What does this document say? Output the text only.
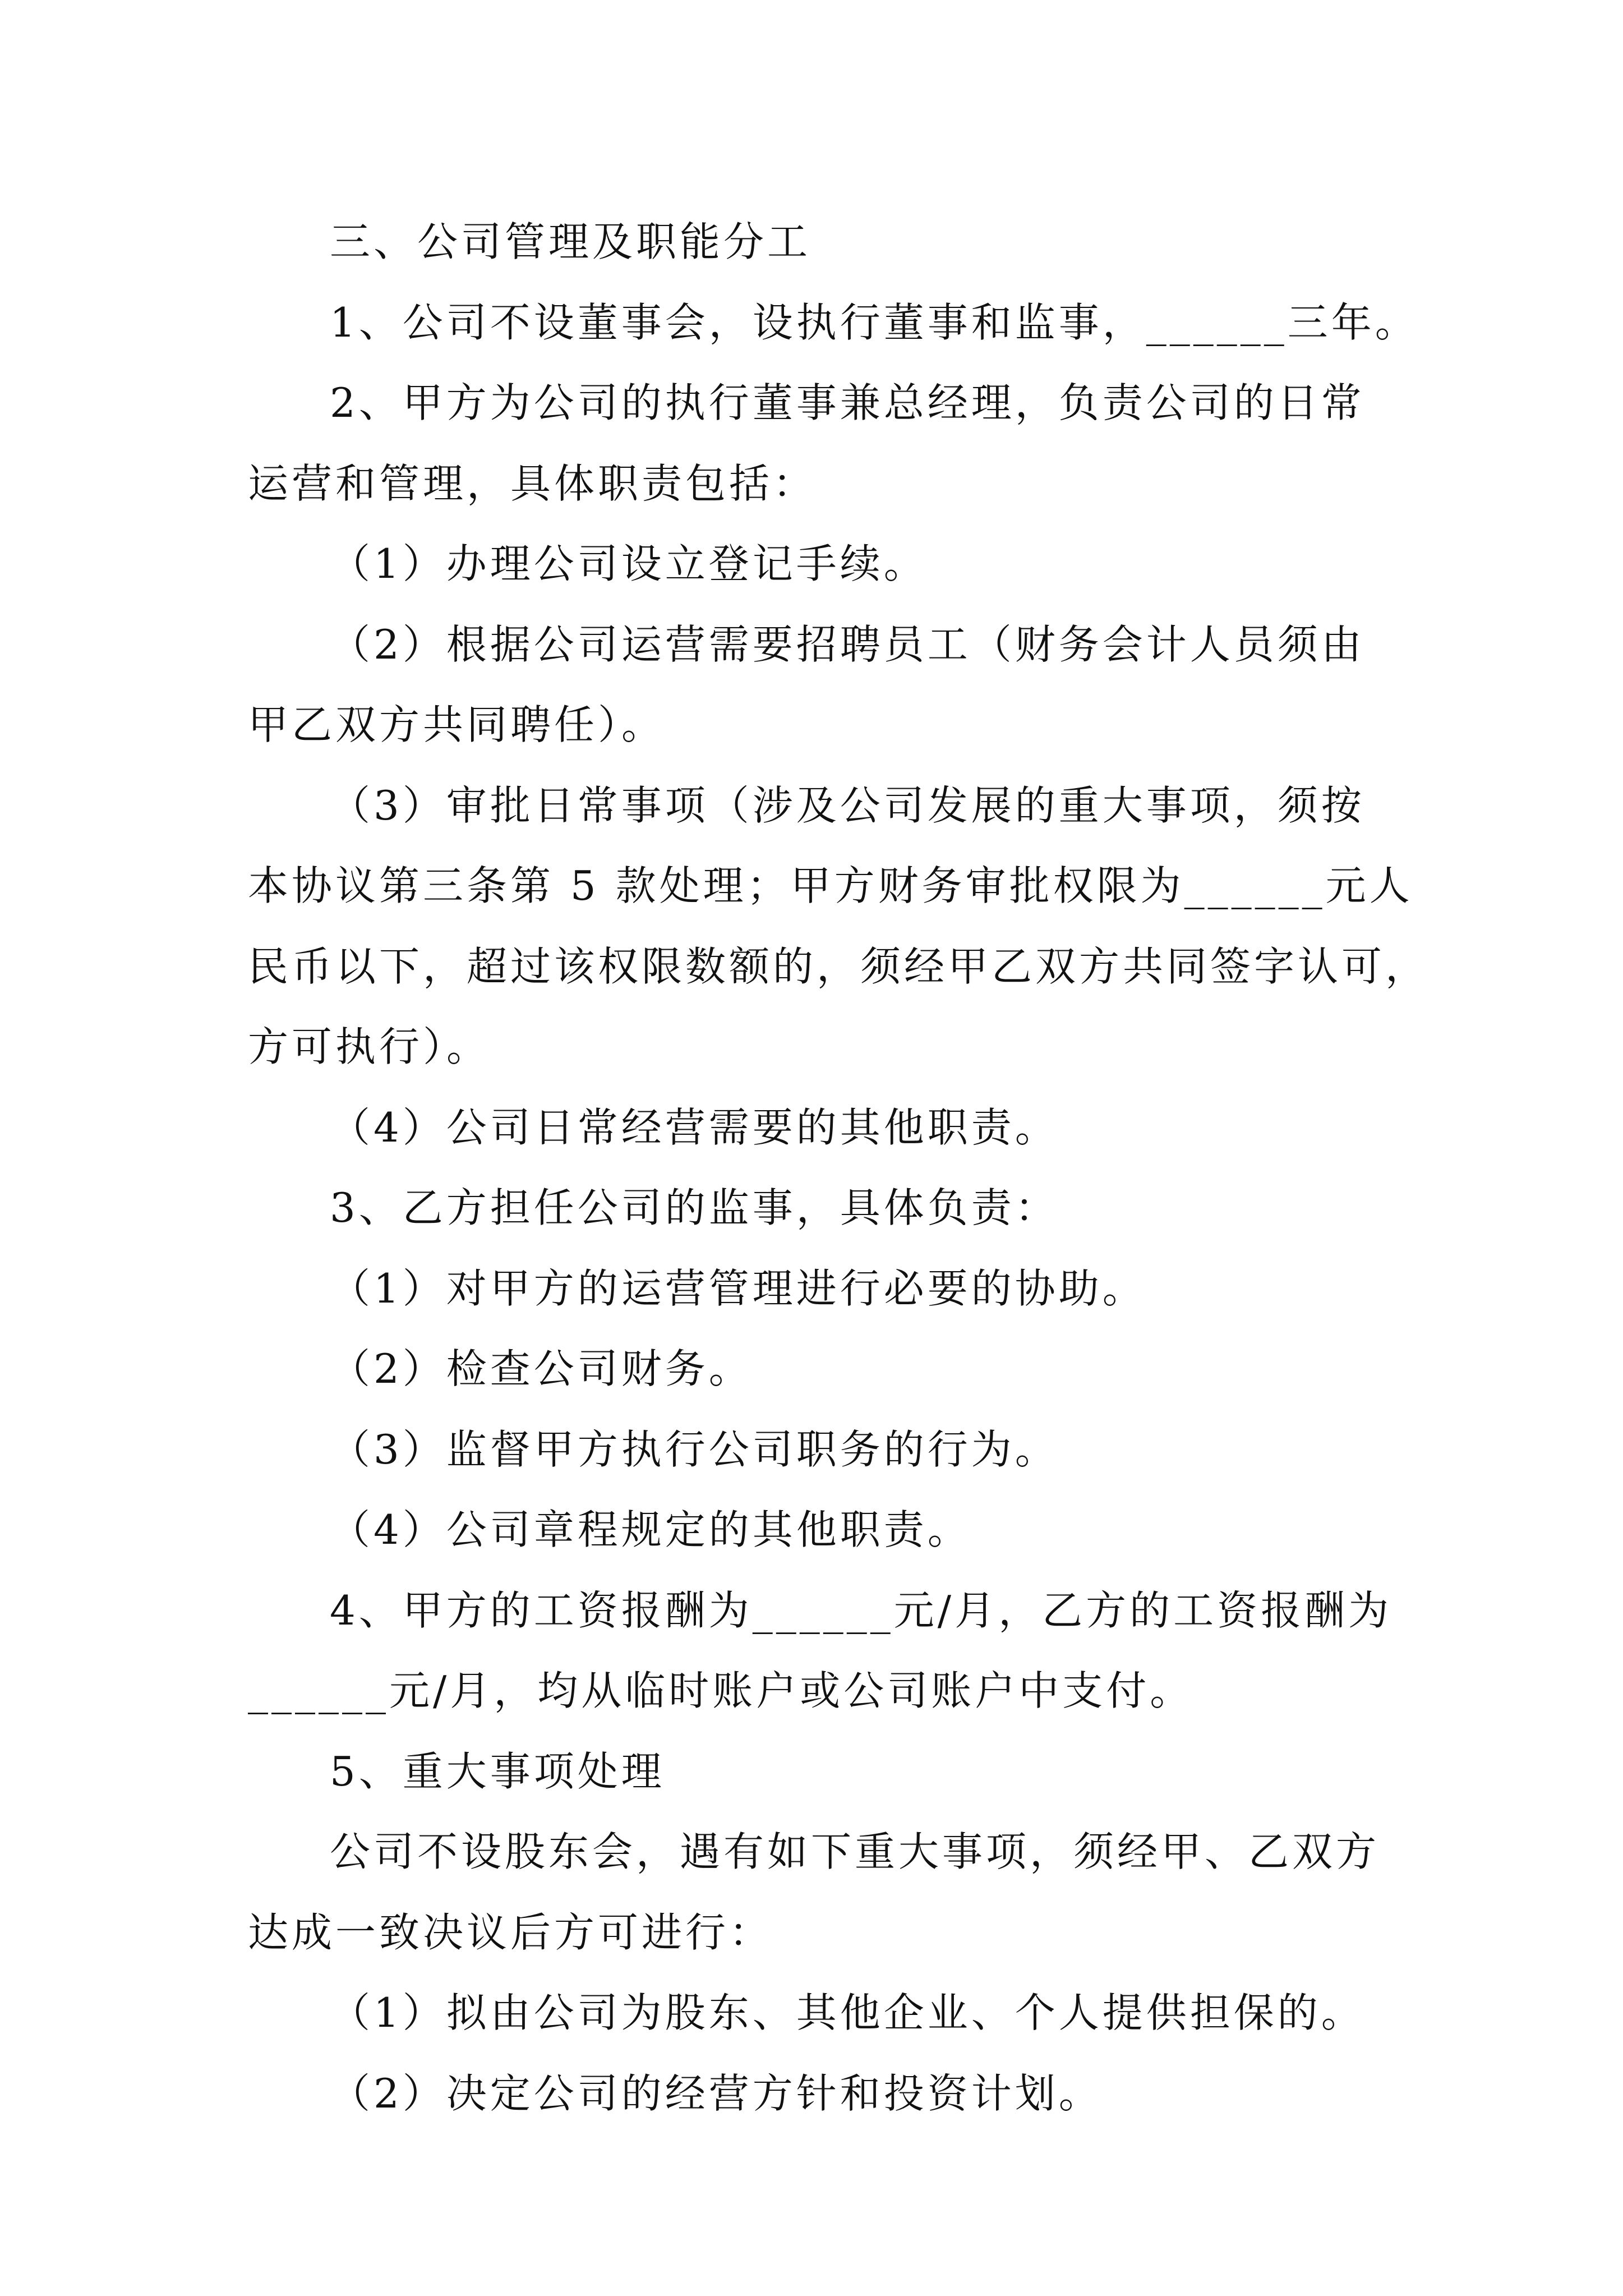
三、公司管理及职能分工
1、公司不设董事会，设执行董事和监事，______三年。
2、甲方为公司的执行董事兼总经理，负责公司的日常
运营和管理，具体职责包括：
（1）办理公司设立登记手续。
（2）根据公司运营需要招聘员工（财务会计人员须由
甲乙双方共同聘任）。
（3）审批日常事项（涉及公司发展的重大事项，须按
本协议第三条第 5 款处理；甲方财务审批权限为______元人
民币以下，超过该权限数额的，须经甲乙双方共同签字认可，
方可执行）。
（4）公司日常经营需要的其他职责。
3、乙方担任公司的监事，具体负责：
（1）对甲方的运营管理进行必要的协助。
（2）检查公司财务。
（3）监督甲方执行公司职务的行为。
（4）公司章程规定的其他职责。
4、甲方的工资报酬为______元/月，乙方的工资报酬为
______元/月，均从临时账户或公司账户中支付。
5、重大事项处理
公司不设股东会，遇有如下重大事项，须经甲、乙双方
达成一致决议后方可进行：
（1）拟由公司为股东、其他企业、个人提供担保的。
（2）决定公司的经营方针和投资计划。
